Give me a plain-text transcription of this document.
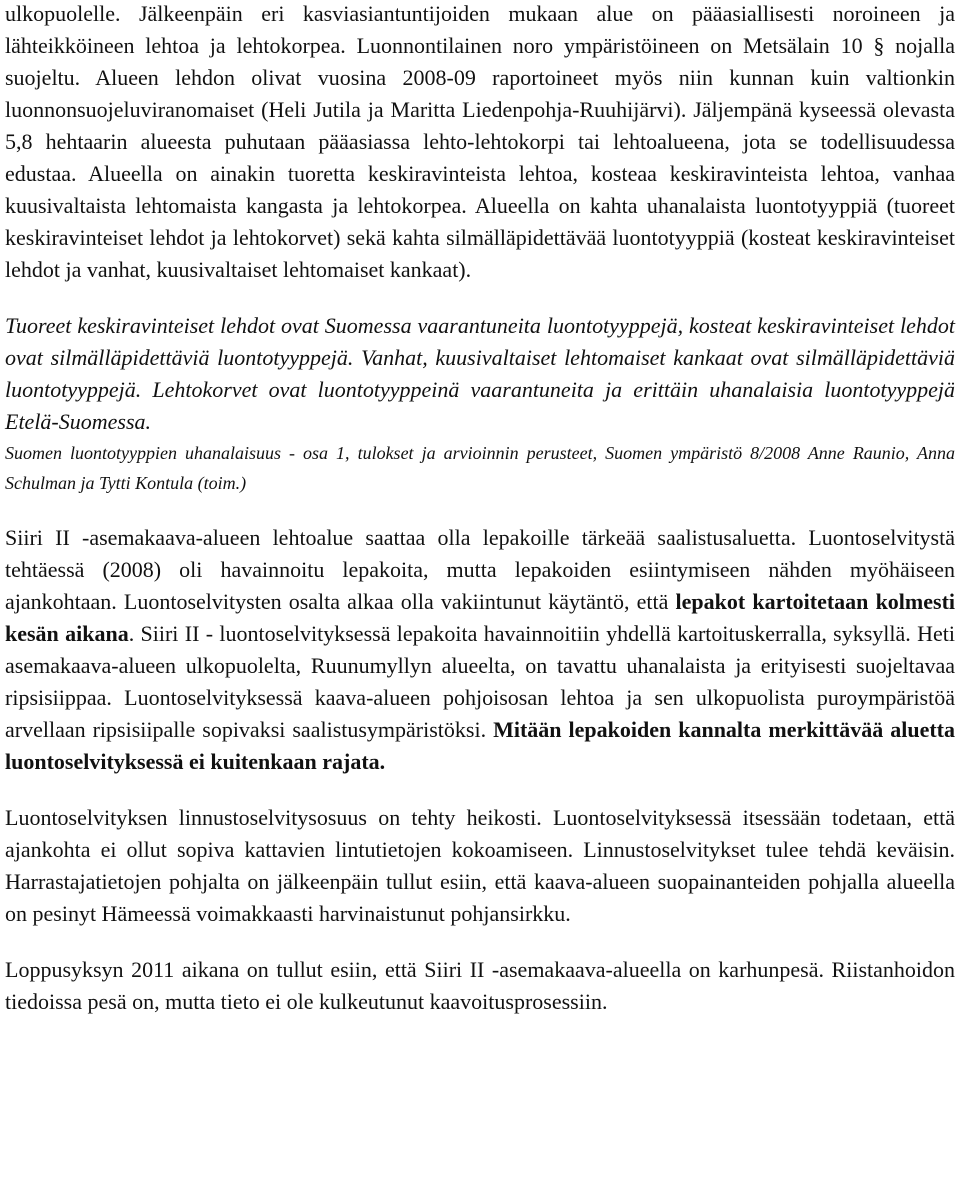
ulkopuolelle. Jälkeenpäin eri kasviasiantuntijoiden mukaan alue on pääasiallisesti noroineen ja lähteikköineen lehtoa ja lehtokorpea. Luonnontilainen noro ympäristöineen on Metsälain 10 § nojalla suojeltu. Alueen lehdon olivat vuosina 2008-09 raportoineet myös niin kunnan kuin valtionkin luonnonsuojeluviranomaiset (Heli Jutila ja Maritta Liedenpohja-Ruuhijärvi). Jäljempänä kyseessä olevasta 5,8 hehtaarin alueesta puhutaan pääasiassa lehto-lehtokorpi tai lehtoalueena, jota se todellisuudessa edustaa. Alueella on ainakin tuoretta keskiravinteista lehtoa, kosteaa keskiravinteista lehtoa, vanhaa kuusivaltaista lehtomaista kangasta ja lehtokorpea. Alueella on kahta uhanalaista luontotyyppiä (tuoreet keskiravinteiset lehdot ja lehtokorvet) sekä kahta silmälläpidettävää luontotyyppiä (kosteat keskiravinteiset lehdot ja vanhat, kuusivaltaiset lehtomaiset kankaat).

Tuoreet keskiravinteiset lehdot ovat Suomessa vaarantuneita luontotyyppejä, kosteat keskiravinteiset lehdot ovat silmälläpidettäviä luontotyyppejä. Vanhat, kuusivaltaiset lehtomaiset kankaat ovat silmälläpidettäviä luontotyyppejä. Lehtokorvet ovat luontotyyppeinä vaarantuneita ja erittäin uhanalaisia luontotyyppejä Etelä-Suomessa.

Suomen luontotyyppien uhanalaisuus - osa 1, tulokset ja arvioinnin perusteet, Suomen ympäristö 8/2008 Anne Raunio, Anna Schulman ja Tytti Kontula (toim.)

Siiri II -asemakaava-alueen lehtoalue saattaa olla lepakoille tärkeää saalistusaluetta. Luontoselvitystä tehtäessä (2008) oli havainnoitu lepakoita, mutta lepakoiden esiintymiseen nähden myöhäiseen ajankohtaan. Luontoselvitysten osalta alkaa olla vakiintunut käytäntö, että lepakot kartoitetaan kolmesti kesän aikana. Siiri II - luontoselvityksessä lepakoita havainnoitiin yhdellä kartoituskerralla, syksyllä. Heti asemakaava-alueen ulkopuolelta, Ruunumyllyn alueelta, on tavattu uhanalaista ja erityisesti suojeltavaa ripsisiippaa. Luontoselvityksessä kaava-alueen pohjoisosan lehtoa ja sen ulkopuolista puroympäristöä arvellaan ripsisiipalle sopivaksi saalistusympäristöksi. Mitään lepakoiden kannalta merkittävää aluetta luontoselvityksessä ei kuitenkaan rajata.

Luontoselvityksen linnustoselvitysosuus on tehty heikosti. Luontoselvityksessä itsessään todetaan, että ajankohta ei ollut sopiva kattavien lintutietojen kokoamiseen. Linnustoselvitykset tulee tehdä keväisin. Harrastajatietojen pohjalta on jälkeenpäin tullut esiin, että kaava-alueen suopainanteiden pohjalla alueella on pesinyt Hämeessä voimakkaasti harvinaistunut pohjansirkku.

Loppusyksyn 2011 aikana on tullut esiin, että Siiri II -asemakaava-alueella on karhunpesä. Riistanhoidon tiedoissa pesä on, mutta tieto ei ole kulkeutunut kaavoitusprosessiin.
